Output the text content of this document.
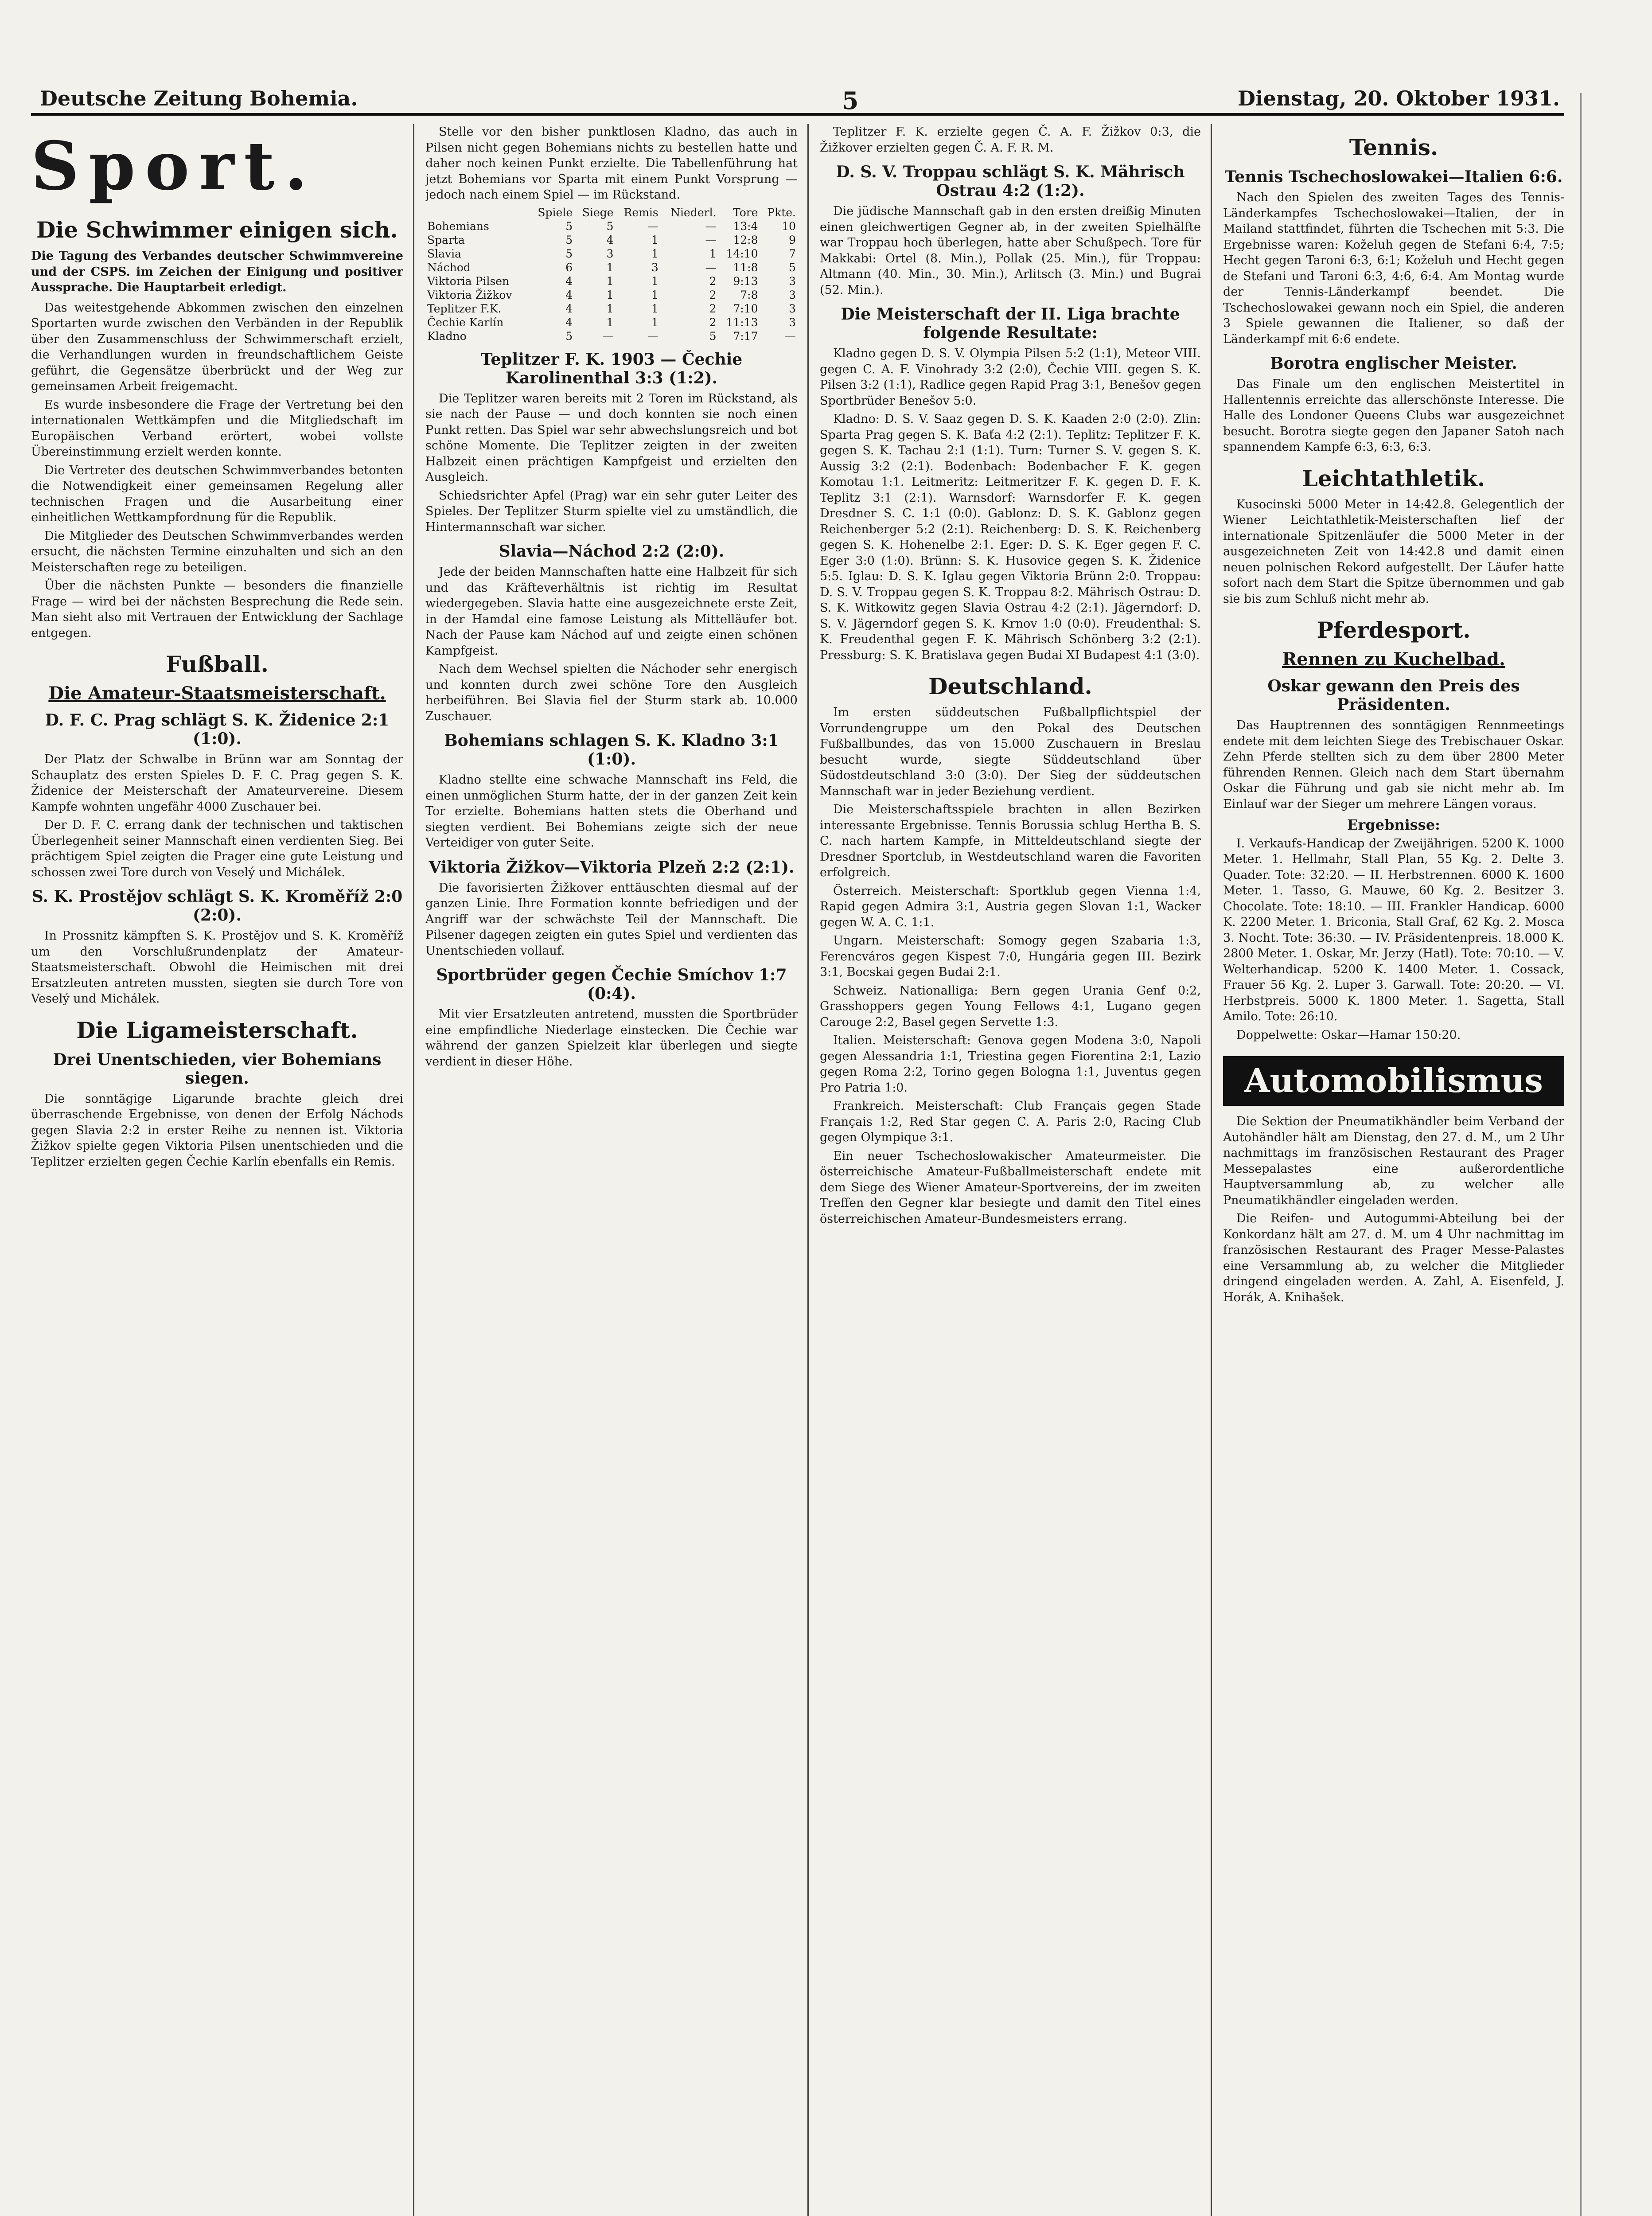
Deutsche Zeitung Bohemia.	5	Dienstag, 20. Oktober 1931.
Sport.
Die Schwimmer einigen sich.
Die Tagung des Verbandes deutscher Schwimmvereine und der CSPS. im Zeichen der Einigung und positiver Aussprache. Die Hauptarbeit erledigt.

Das weitestgehende Abkommen zwischen den einzelnen Sportarten wurde zwischen den Verbänden in der Republik über den Zusammenschluss der Schwimmerschaft erzielt, die Verhandlungen wurden in freundschaftlichem Geiste geführt, die Gegensätze überbrückt und der Weg zur gemeinsamen Arbeit freigemacht.

Es wurde insbesondere die Frage der Vertretung bei den internationalen Wettkämpfen und die Mitgliedschaft im Europäischen Verband erörtert, wobei vollste Übereinstimmung erzielt werden konnte.

Die Vertreter des deutschen Schwimmverbandes betonten die Notwendigkeit einer gemeinsamen Regelung aller technischen Fragen und die Ausarbeitung einer einheitlichen Wettkampfordnung für die Republik.

Die Mitglieder des Deutschen Schwimmverbandes werden ersucht, die nächsten Termine einzuhalten und sich an den Meisterschaften rege zu beteiligen.

Über die nächsten Punkte — besonders die finanzielle Frage — wird bei der nächsten Besprechung die Rede sein. Man sieht also mit Vertrauen der Entwicklung der Sachlage entgegen.

Fußball.
Die Amateur-Staatsmeisterschaft.
D. F. C. Prag schlägt S. K. Židenice 2:1 (1:0).

Der Platz der Schwalbe in Brünn war am Sonntag der Schauplatz des ersten Spieles D. F. C. Prag gegen S. K. Židenice der Meisterschaft der Amateurvereine. Diesem Kampfe wohnten ungefähr 4000 Zuschauer bei.

Der D. F. C. errang dank der technischen und taktischen Überlegenheit seiner Mannschaft einen verdienten Sieg. Bei prächtigem Spiel zeigten die Prager eine gute Leistung und schossen zwei Tore durch von Veselý und Michálek.

S. K. Prostějov schlägt S. K. Kroměříž 2:0 (2:0).

In Prossnitz kämpften S. K. Prostějov und S. K. Kroměříž um den Vorschlußrundenplatz der Amateur-Staatsmeisterschaft. Obwohl die Heimischen mit drei Ersatzleuten antreten mussten, siegten sie durch Tore von Veselý und Michálek.

Die Ligameisterschaft.
Drei Unentschieden, vier Bohemians siegen.

Die sonntägige Ligarunde brachte gleich drei überraschende Ergebnisse, von denen der Erfolg Náchods gegen Slavia 2:2 in erster Reihe zu nennen ist. Viktoria Žižkov spielte gegen Viktoria Pilsen unentschieden und die Teplitzer erzielten gegen Čechie Karlín ebenfalls ein Remis.

Stelle vor den bisher punktlosen Kladno, das auch in Pilsen nicht gegen Bohemians nichts zu bestellen hatte und daher noch keinen Punkt erzielte. Die Tabellenführung hat jetzt Bohemians vor Sparta mit einem Punkt Vorsprung — jedoch nach einem Spiel — im Rückstand.

	Spiele	Siege	Remis	Niederl.	Tore	Pkte.
Bohemians	5	5	—	—	13:4	10
Sparta	5	4	1	—	12:8	9
Slavia	5	3	1	1	14:10	7
Náchod	6	1	3	—	11:8	5
Viktoria Pilsen	4	1	1	2	9:13	3
Viktoria Žižkov	4	1	1	2	7:8	3
Teplitzer F.K.	4	1	1	2	7:10	3
Čechie Karlín	4	1	1	2	11:13	3
Kladno	5	—	—	5	7:17	—
Teplitzer F. K. 1903 — Čechie Karolinenthal 3:3 (1:2).

Die Teplitzer waren bereits mit 2 Toren im Rückstand, als sie nach der Pause — und doch konnten sie noch einen Punkt retten. Das Spiel war sehr abwechslungsreich und bot schöne Momente. Die Teplitzer zeigten in der zweiten Halbzeit einen prächtigen Kampfgeist und erzielten den Ausgleich.

Schiedsrichter Apfel (Prag) war ein sehr guter Leiter des Spieles. Der Teplitzer Sturm spielte viel zu umständlich, die Hintermannschaft war sicher.

Slavia—Náchod 2:2 (2:0).

Jede der beiden Mannschaften hatte eine Halbzeit für sich und das Kräfteverhältnis ist richtig im Resultat wiedergegeben. Slavia hatte eine ausgezeichnete erste Zeit, in der Hamdal eine famose Leistung als Mittelläufer bot. Nach der Pause kam Náchod auf und zeigte einen schönen Kampfgeist.

Nach dem Wechsel spielten die Náchoder sehr energisch und konnten durch zwei schöne Tore den Ausgleich herbeiführen. Bei Slavia fiel der Sturm stark ab. 10.000 Zuschauer.

Bohemians schlagen S. K. Kladno 3:1 (1:0).

Kladno stellte eine schwache Mannschaft ins Feld, die einen unmöglichen Sturm hatte, der in der ganzen Zeit kein Tor erzielte. Bohemians hatten stets die Oberhand und siegten verdient. Bei Bohemians zeigte sich der neue Verteidiger von guter Seite.

Viktoria Žižkov—Viktoria Plzeň 2:2 (2:1).

Die favorisierten Žižkover enttäuschten diesmal auf der ganzen Linie. Ihre Formation konnte befriedigen und der Angriff war der schwächste Teil der Mannschaft. Die Pilsener dagegen zeigten ein gutes Spiel und verdienten das Unentschieden vollauf.

Sportbrüder gegen Čechie Smíchov 1:7 (0:4).

Mit vier Ersatzleuten antretend, mussten die Sportbrüder eine empfindliche Niederlage einstecken. Die Čechie war während der ganzen Spielzeit klar überlegen und siegte verdient in dieser Höhe.

Teplitzer F. K. erzielte gegen Č. A. F. Žižkov 0:3, die Žižkover erzielten gegen Č. A. F. R. M.

D. S. V. Troppau schlägt S. K. Mährisch Ostrau 4:2 (1:2).

Die jüdische Mannschaft gab in den ersten dreißig Minuten einen gleichwertigen Gegner ab, in der zweiten Spielhälfte war Troppau hoch überlegen, hatte aber Schußpech. Tore für Makkabi: Ortel (8. Min.), Pollak (25. Min.), für Troppau: Altmann (40. Min., 30. Min.), Arlitsch (3. Min.) und Bugrai (52. Min.).

Die Meisterschaft der II. Liga brachte folgende Resultate:

Kladno gegen D. S. V. Olympia Pilsen 5:2 (1:1), Meteor VIII. gegen C. A. F. Vinohrady 3:2 (2:0), Čechie VIII. gegen S. K. Pilsen 3:2 (1:1), Radlice gegen Rapid Prag 3:1, Benešov gegen Sportbrüder Benešov 5:0.

Kladno: D. S. V. Saaz gegen D. S. K. Kaaden 2:0 (2:0). Zlin: Sparta Prag gegen S. K. Baťa 4:2 (2:1). Teplitz: Teplitzer F. K. gegen S. K. Tachau 2:1 (1:1). Turn: Turner S. V. gegen S. K. Aussig 3:2 (2:1). Bodenbach: Bodenbacher F. K. gegen Komotau 1:1. Leitmeritz: Leitmeritzer F. K. gegen D. F. K. Teplitz 3:1 (2:1). Warnsdorf: Warnsdorfer F. K. gegen Dresdner S. C. 1:1 (0:0). Gablonz: D. S. K. Gablonz gegen Reichenberger 5:2 (2:1). Reichenberg: D. S. K. Reichenberg gegen S. K. Hohenelbe 2:1. Eger: D. S. K. Eger gegen F. C. Eger 3:0 (1:0). Brünn: S. K. Husovice gegen S. K. Židenice 5:5. Iglau: D. S. K. Iglau gegen Viktoria Brünn 2:0. Troppau: D. S. V. Troppau gegen S. K. Troppau 8:2. Mährisch Ostrau: D. S. K. Witkowitz gegen Slavia Ostrau 4:2 (2:1). Jägerndorf: D. S. V. Jägerndorf gegen S. K. Krnov 1:0 (0:0). Freudenthal: S. K. Freudenthal gegen F. K. Mährisch Schönberg 3:2 (2:1). Pressburg: S. K. Bratislava gegen Budai XI Budapest 4:1 (3:0).

Deutschland.

Im ersten süddeutschen Fußballpflichtspiel der Vorrundengruppe um den Pokal des Deutschen Fußballbundes, das von 15.000 Zuschauern in Breslau besucht wurde, siegte Süddeutschland über Südostdeutschland 3:0 (3:0). Der Sieg der süddeutschen Mannschaft war in jeder Beziehung verdient.

Die Meisterschaftsspiele brachten in allen Bezirken interessante Ergebnisse. Tennis Borussia schlug Hertha B. S. C. nach hartem Kampfe, in Mitteldeutschland siegte der Dresdner Sportclub, in Westdeutschland waren die Favoriten erfolgreich.

Österreich. Meisterschaft: Sportklub gegen Vienna 1:4, Rapid gegen Admira 3:1, Austria gegen Slovan 1:1, Wacker gegen W. A. C. 1:1.

Ungarn. Meisterschaft: Somogy gegen Szabaria 1:3, Ferencváros gegen Kispest 7:0, Hungária gegen III. Bezirk 3:1, Bocskai gegen Budai 2:1.

Schweiz. Nationalliga: Bern gegen Urania Genf 0:2, Grasshoppers gegen Young Fellows 4:1, Lugano gegen Carouge 2:2, Basel gegen Servette 1:3.

Italien. Meisterschaft: Genova gegen Modena 3:0, Napoli gegen Alessandria 1:1, Triestina gegen Fiorentina 2:1, Lazio gegen Roma 2:2, Torino gegen Bologna 1:1, Juventus gegen Pro Patria 1:0.

Frankreich. Meisterschaft: Club Français gegen Stade Français 1:2, Red Star gegen C. A. Paris 2:0, Racing Club gegen Olympique 3:1.

Ein neuer Tschechoslowakischer Amateurmeister. Die österreichische Amateur-Fußballmeisterschaft endete mit dem Siege des Wiener Amateur-Sportvereins, der im zweiten Treffen den Gegner klar besiegte und damit den Titel eines österreichischen Amateur-Bundesmeisters errang.

Tennis.
Tennis Tschechoslowakei—Italien 6:6.

Nach den Spielen des zweiten Tages des Tennis-Länderkampfes Tschechoslowakei—Italien, der in Mailand stattfindet, führten die Tschechen mit 5:3. Die Ergebnisse waren: Koželuh gegen de Stefani 6:4, 7:5; Hecht gegen Taroni 6:3, 6:1; Koželuh und Hecht gegen de Stefani und Taroni 6:3, 4:6, 6:4. Am Montag wurde der Tennis-Länderkampf beendet. Die Tschechoslowakei gewann noch ein Spiel, die anderen 3 Spiele gewannen die Italiener, so daß der Länderkampf mit 6:6 endete.

Borotra englischer Meister.

Das Finale um den englischen Meistertitel in Hallentennis erreichte das allerschönste Interesse. Die Halle des Londoner Queens Clubs war ausgezeichnet besucht. Borotra siegte gegen den Japaner Satoh nach spannendem Kampfe 6:3, 6:3, 6:3.

Leichtathletik.

Kusocinski 5000 Meter in 14:42.8. Gelegentlich der Wiener Leichtathletik-Meisterschaften lief der internationale Spitzenläufer die 5000 Meter in der ausgezeichneten Zeit von 14:42.8 und damit einen neuen polnischen Rekord aufgestellt. Der Läufer hatte sofort nach dem Start die Spitze übernommen und gab sie bis zum Schluß nicht mehr ab.

Pferdesport.
Rennen zu Kuchelbad.
Oskar gewann den Preis des Präsidenten.

Das Hauptrennen des sonntägigen Rennmeetings endete mit dem leichten Siege des Trebischauer Oskar. Zehn Pferde stellten sich zu dem über 2800 Meter führenden Rennen. Gleich nach dem Start übernahm Oskar die Führung und gab sie nicht mehr ab. Im Einlauf war der Sieger um mehrere Längen voraus.

Ergebnisse:

I. Verkaufs-Handicap der Zweijährigen. 5200 K. 1000 Meter. 1. Hellmahr, Stall Plan, 55 Kg. 2. Delte 3. Quader. Tote: 32:20. — II. Herbstrennen. 6000 K. 1600 Meter. 1. Tasso, G. Mauwe, 60 Kg. 2. Besitzer 3. Chocolate. Tote: 18:10. — III. Frankler Handicap. 6000 K. 2200 Meter. 1. Briconia, Stall Graf, 62 Kg. 2. Mosca 3. Nocht. Tote: 36:30. — IV. Präsidentenpreis. 18.000 K. 2800 Meter. 1. Oskar, Mr. Jerzy (Hatl). Tote: 70:10. — V. Welterhandicap. 5200 K. 1400 Meter. 1. Cossack, Frauer 56 Kg. 2. Luper 3. Garwall. Tote: 20:20. — VI. Herbstpreis. 5000 K. 1800 Meter. 1. Sagetta, Stall Amilo. Tote: 26:10.

Doppelwette: Oskar—Hamar 150:20.

Automobilismus

Die Sektion der Pneumatikhändler beim Verband der Autohändler hält am Dienstag, den 27. d. M., um 2 Uhr nachmittags im französischen Restaurant des Prager Messepalastes eine außerordentliche Hauptversammlung ab, zu welcher alle Pneumatikhändler eingeladen werden.

Die Reifen- und Autogummi-Abteilung bei der Konkordanz hält am 27. d. M. um 4 Uhr nachmittag im französischen Restaurant des Prager Messe-Palastes eine Versammlung ab, zu welcher die Mitglieder dringend eingeladen werden. A. Zahl, A. Eisenfeld, J. Horák, A. Knihašek.
